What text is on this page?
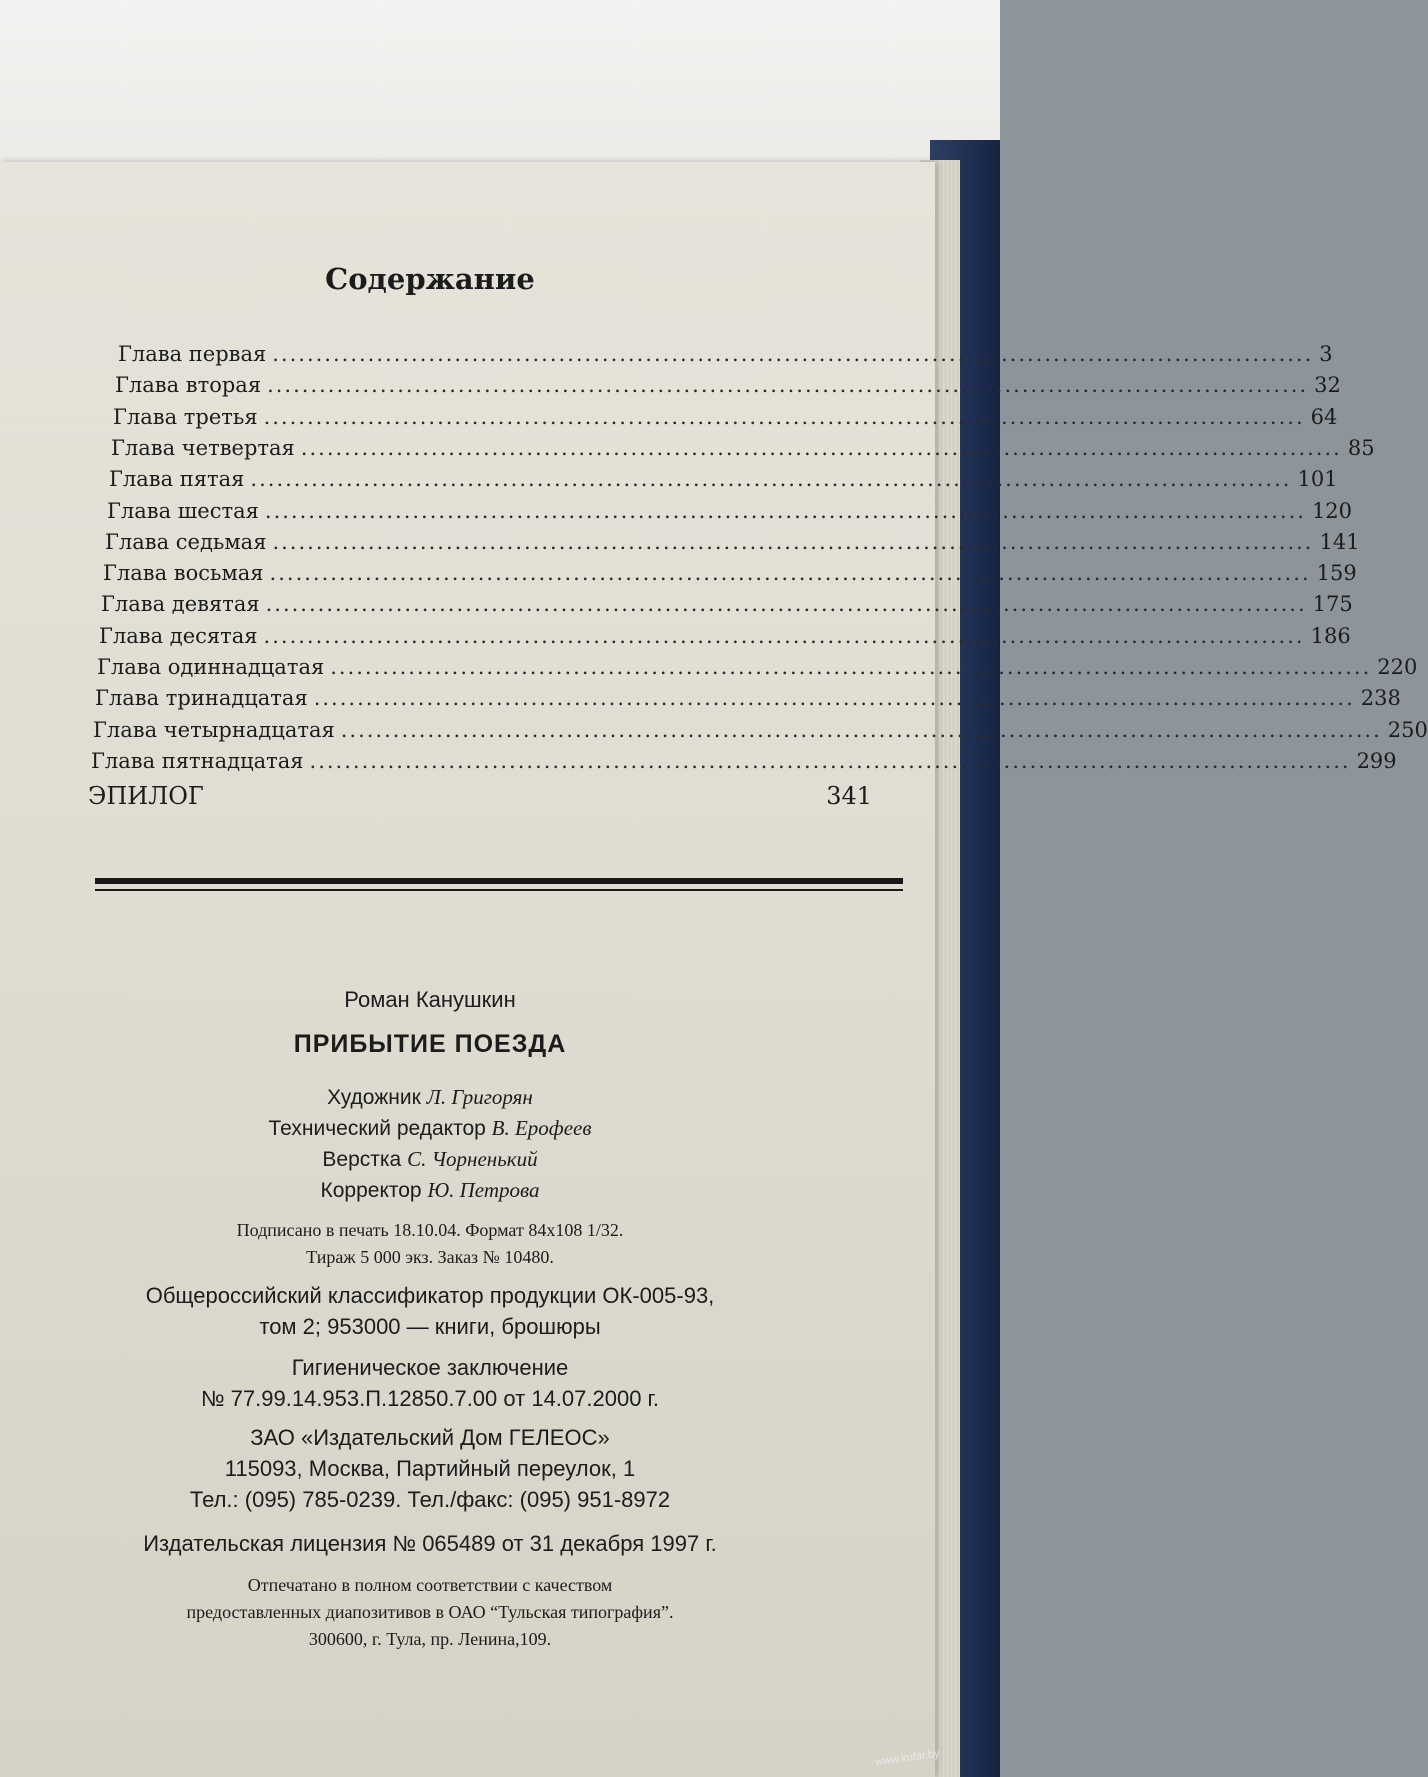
Содержание
Глава первая ........................................................................................................................ 3
Глава вторая ........................................................................................................................ 32
Глава третья ........................................................................................................................ 64
Глава четвертая ........................................................................................................................ 85
Глава пятая ........................................................................................................................ 101
Глава шестая ........................................................................................................................ 120
Глава седьмая ........................................................................................................................ 141
Глава восьмая ........................................................................................................................ 159
Глава девятая ........................................................................................................................ 175
Глава десятая ........................................................................................................................ 186
Глава одиннадцатая ........................................................................................................................ 220
Глава тринадцатая ........................................................................................................................ 238
Глава четырнадцатая ........................................................................................................................ 250
Глава пятнадцатая ........................................................................................................................ 299
ЭПИЛОГ	341
Роман Канушкин
ПРИБЫТИЕ ПОЕЗДА
Художник Л. Григорян
Технический редактор В. Ерофеев
Верстка С. Чорненький
Корректор Ю. Петрова
Подписано в печать 18.10.04. Формат 84х108 1/32.
Тираж 5 000 экз. Заказ № 10480.
Общероссийский классификатор продукции ОК-005-93,
том 2; 953000 — книги, брошюры
Гигиеническое заключение
№ 77.99.14.953.П.12850.7.00 от 14.07.2000 г.
ЗАО «Издательский Дом ГЕЛЕОС»
115093, Москва, Партийный переулок, 1
Тел.: (095) 785-0239. Тел./факс: (095) 951-8972
Издательская лицензия № 065489 от 31 декабря 1997 г.
Отпечатано в полном соответствии с качеством
предоставленных диапозитивов в ОАО “Тульская типография”.
300600, г. Тула, пр. Ленина,109.
www.kufar.by
